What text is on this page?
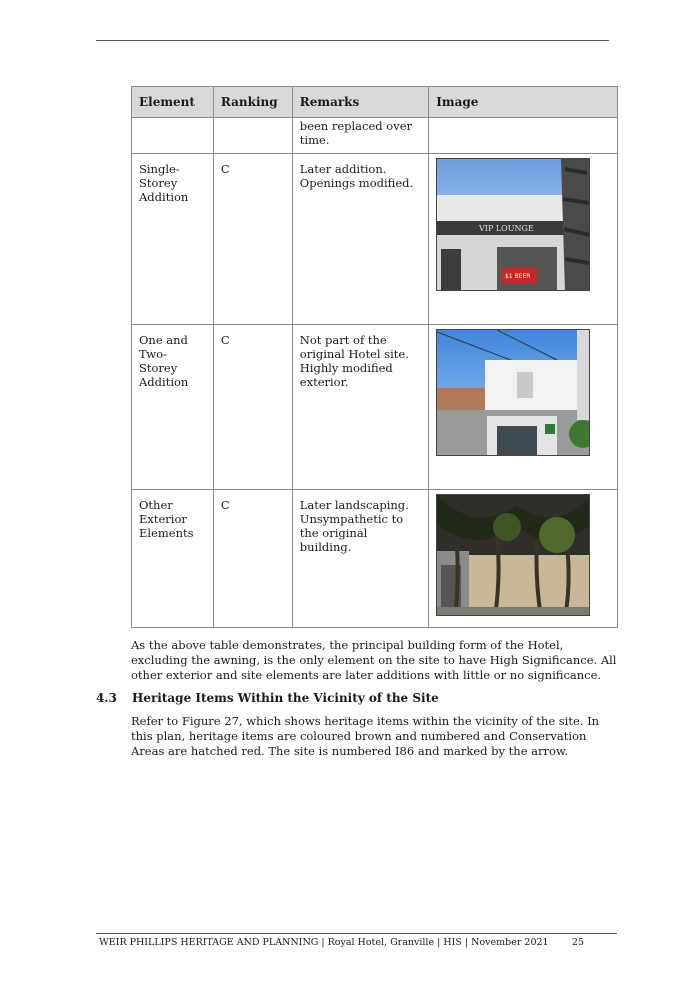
Element	Ranking	Remarks	Image
		been replaced over time.	
Single-Storey Addition	C	Later addition. Openings modified.	VIP LOUNGE
$1 BEER

One and Two-Storey Addition	C	Not part of the original Hotel site. Highly modified exterior.	

Other Exterior Elements	C	Later landscaping. Unsympathetic to the original building.	

As the above table demonstrates, the principal building form of the Hotel, excluding the awning, is the only element on the site to have High Significance. All other exterior and site elements are later additions with little or no significance.

4.3 Heritage Items Within the Vicinity of the Site

Refer to Figure 27, which shows heritage items within the vicinity of the site. In this plan, heritage items are coloured brown and numbered and Conservation Areas are hatched red. The site is numbered I86 and marked by the arrow.

WEIR PHILLIPS HERITAGE AND PLANNING | Royal Hotel, Granville | HIS | November 2021 25
